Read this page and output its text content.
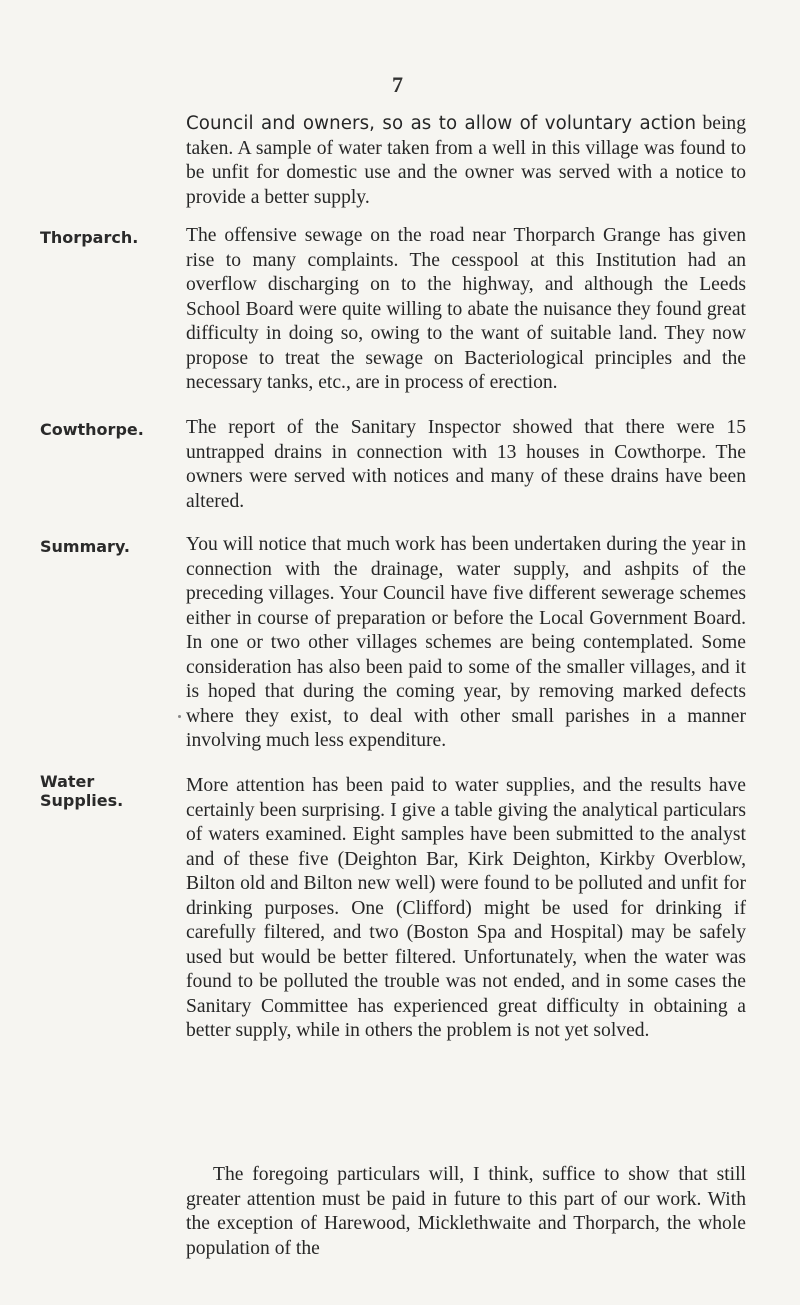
7

Council and owners, so as to allow of voluntary action being taken. A sample of water taken from a well in this village was found to be unfit for domestic use and the owner was served with a notice to provide a better supply.

Thorparch.	The offensive sewage on the road near Thorparch Grange has given rise to many complaints. The cesspool at this Institution had an overflow discharging on to the highway, and although the Leeds School Board were quite willing to abate the nuisance they found great difficulty in doing so, owing to the want of suitable land. They now propose to treat the sewage on Bacteriological principles and the necessary tanks, etc., are in process of erection.

Cowthorpe.	The report of the Sanitary Inspector showed that there were 15 untrapped drains in connection with 13 houses in Cowthorpe. The owners were served with notices and many of these drains have been altered.

Summary.	You will notice that much work has been undertaken during the year in connection with the drainage, water supply, and ashpits of the preceding villages. Your Council have five different sewerage schemes either in course of preparation or before the Local Government Board. In one or two other villages schemes are being contemplated. Some consideration has also been paid to some of the smaller villages, and it is hoped that during the coming year, by removing marked defects where they exist, to deal with other small parishes in a manner involving much less expenditure.

Water
Supplies.

More attention has been paid to water supplies, and the results have certainly been surprising. I give a table giving the analytical particulars of waters examined. Eight samples have been submitted to the analyst and of these five (Deighton Bar, Kirk Deighton, Kirkby Overblow, Bilton old and Bilton new well) were found to be polluted and unfit for drinking purposes. One (Clifford) might be used for drinking if carefully filtered, and two (Boston Spa and Hospital) may be safely used but would be better filtered. Unfortunately, when the water was found to be polluted the trouble was not ended, and in some cases the Sanitary Committee has experienced great difficulty in obtaining a better supply, while in others the problem is not yet solved.

The foregoing particulars will, I think, suffice to show that still greater attention must be paid in future to this part of our work. With the exception of Harewood, Micklethwaite and Thorparch, the whole population of the
